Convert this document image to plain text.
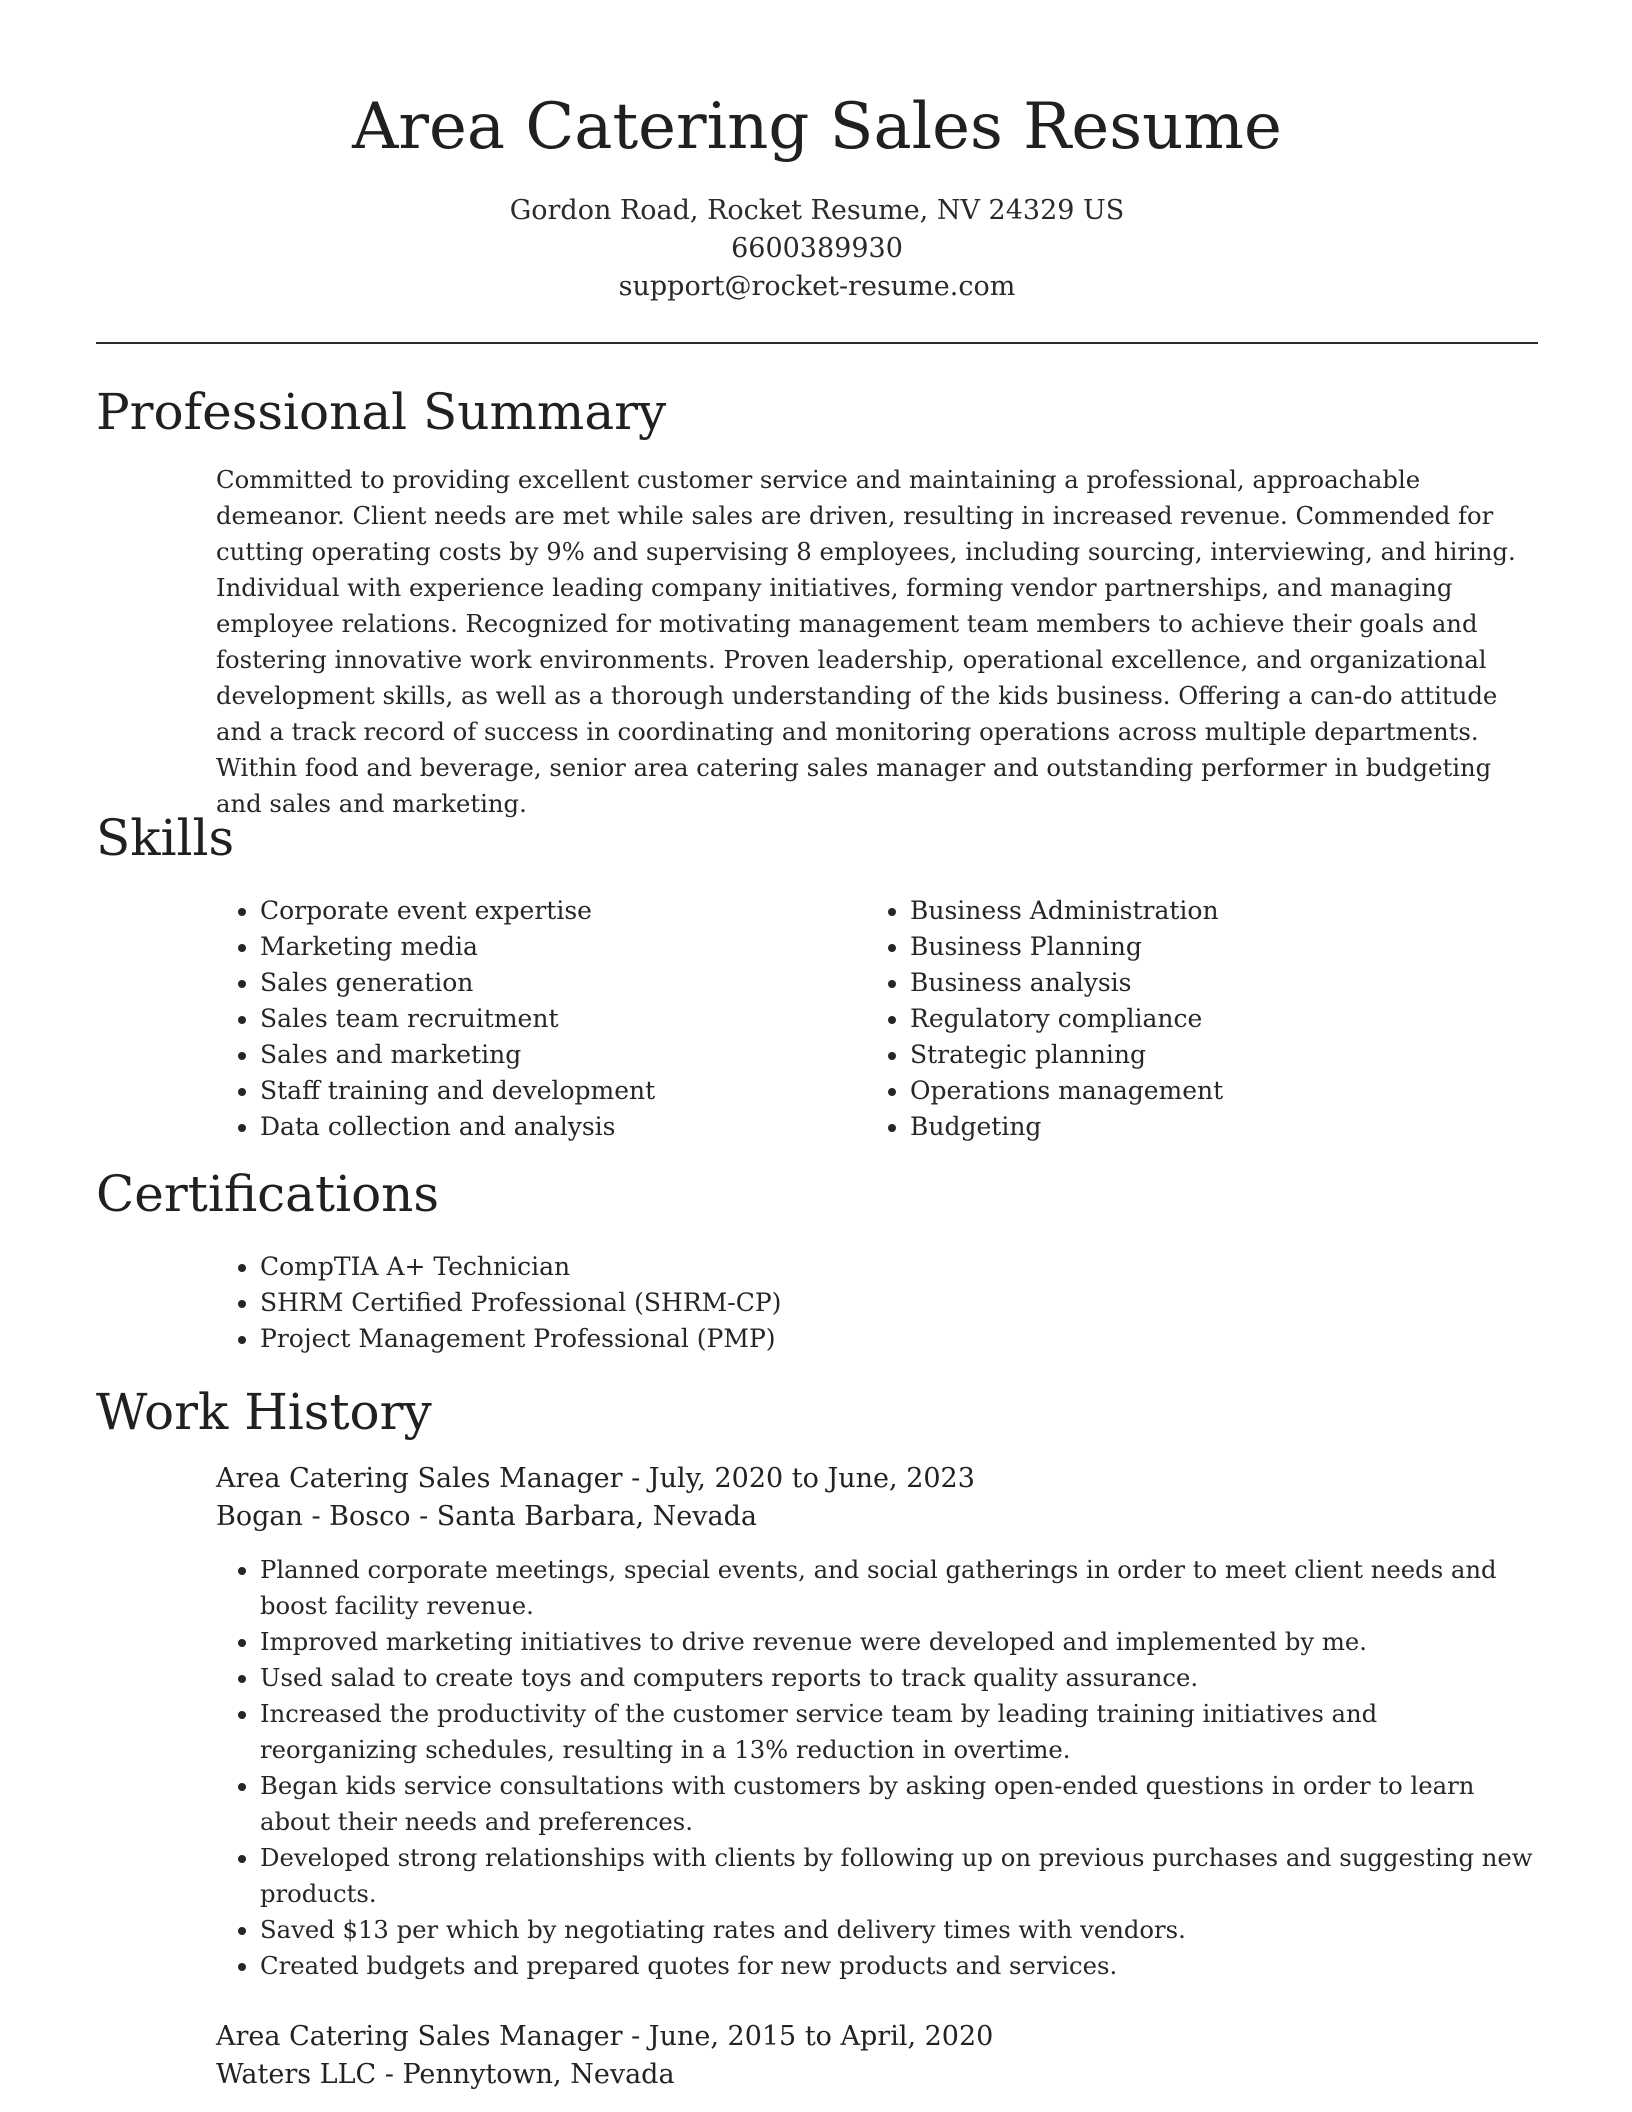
Area Catering Sales Resume
Gordon Road, Rocket Resume, NV 24329 US
6600389930
support@rocket-resume.com
Professional Summary

Committed to providing excellent customer service and maintaining a professional, approachable demeanor. Client needs are met while sales are driven, resulting in increased revenue. Commended for cutting operating costs by 9% and supervising 8 employees, including sourcing, interviewing, and hiring. Individual with experience leading company initiatives, forming vendor partnerships, and managing employee relations. Recognized for motivating management team members to achieve their goals and fostering innovative work environments. Proven leadership, operational excellence, and organizational development skills, as well as a thorough understanding of the kids business. Offering a can-do attitude and a track record of success in coordinating and monitoring operations across multiple departments. Within food and beverage, senior area catering sales manager and outstanding performer in budgeting and sales and marketing.

Skills
• Corporate event expertise
• Marketing media
• Sales generation
• Sales team recruitment
• Sales and marketing
• Staff training and development
• Data collection and analysis
• Business Administration
• Business Planning
• Business analysis
• Regulatory compliance
• Strategic planning
• Operations management
• Budgeting
Certifications
• CompTIA A+ Technician
• SHRM Certified Professional (SHRM-CP)
• Project Management Professional (PMP)
Work History
Area Catering Sales Manager - July, 2020 to June, 2023
Bogan - Bosco - Santa Barbara, Nevada
• Planned corporate meetings, special events, and social gatherings in order to meet client needs and boost facility revenue.
• Improved marketing initiatives to drive revenue were developed and implemented by me.
• Used salad to create toys and computers reports to track quality assurance.
• Increased the productivity of the customer service team by leading training initiatives and reorganizing schedules, resulting in a 13% reduction in overtime.
• Began kids service consultations with customers by asking open-ended questions in order to learn about their needs and preferences.
• Developed strong relationships with clients by following up on previous purchases and suggesting new products.
• Saved $13 per which by negotiating rates and delivery times with vendors.
• Created budgets and prepared quotes for new products and services.
Area Catering Sales Manager - June, 2015 to April, 2020
Waters LLC - Pennytown, Nevada
